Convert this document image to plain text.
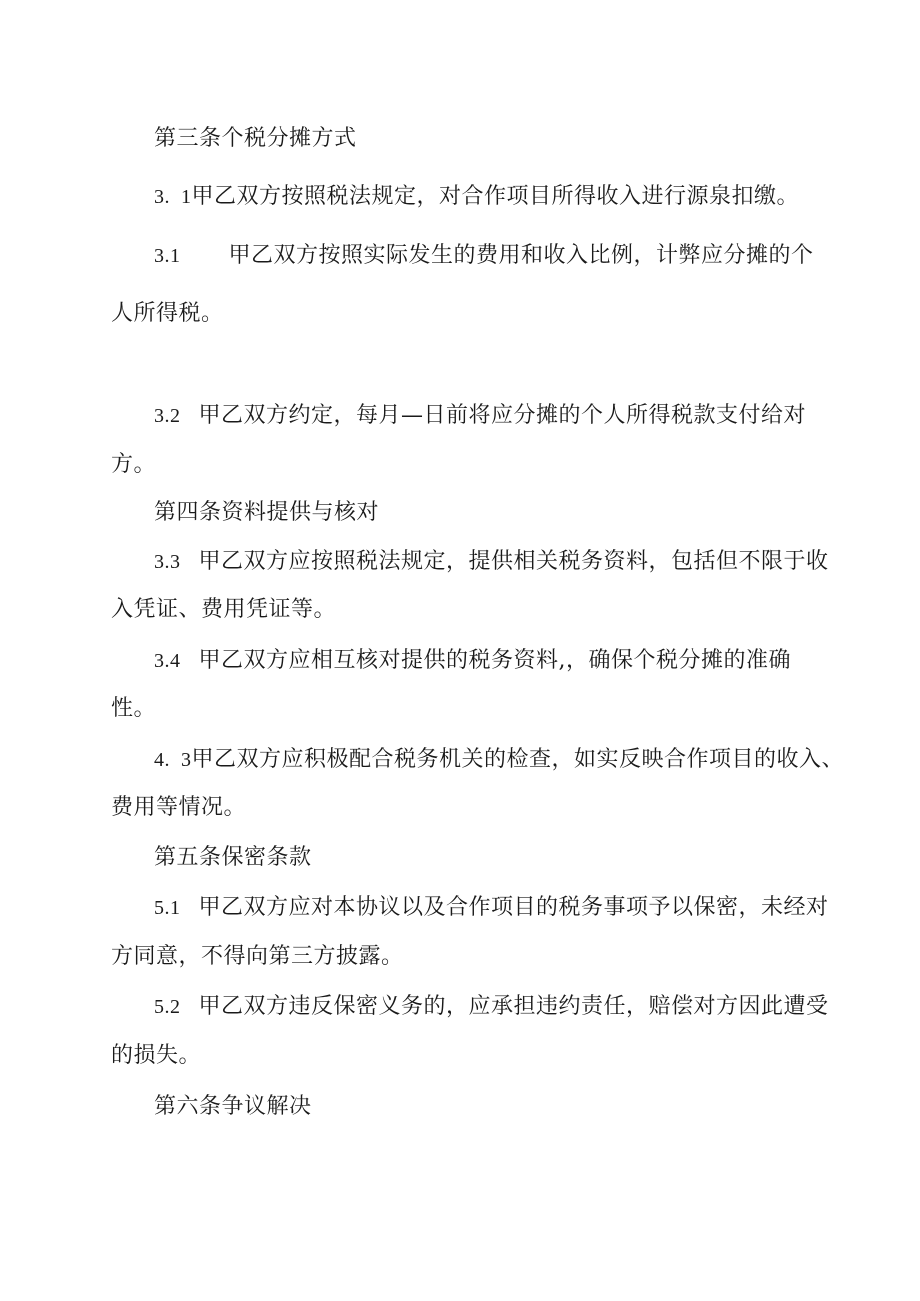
第三条个税分摊方式
3.  1甲乙双方按照税法规定，对合作项目所得收入进行源泉扣缴。
3.1 甲乙双方按照实际发生的费用和收入比例，计弊应分摊的个
人所得税。
3.2 甲乙双方约定，每月—日前将应分摊的个人所得税款支付给对
方。
第四条资料提供与核对
3.3 甲乙双方应按照税法规定，提供相关税务资料，包括但不限于收
入凭证、费用凭证等。
3.4 甲乙双方应相互核对提供的税务资料,，确保个税分摊的准确
性。
4.  3甲乙双方应积极配合税务机关的检查，如实反映合作项目的收入、
费用等情况。
第五条保密条款
5.1 甲乙双方应对本协议以及合作项目的税务事项予以保密，未经对
方同意，不得向第三方披露。
5.2 甲乙双方违反保密义务的，应承担违约责任，赔偿对方因此遭受
的损失。
第六条争议解决
